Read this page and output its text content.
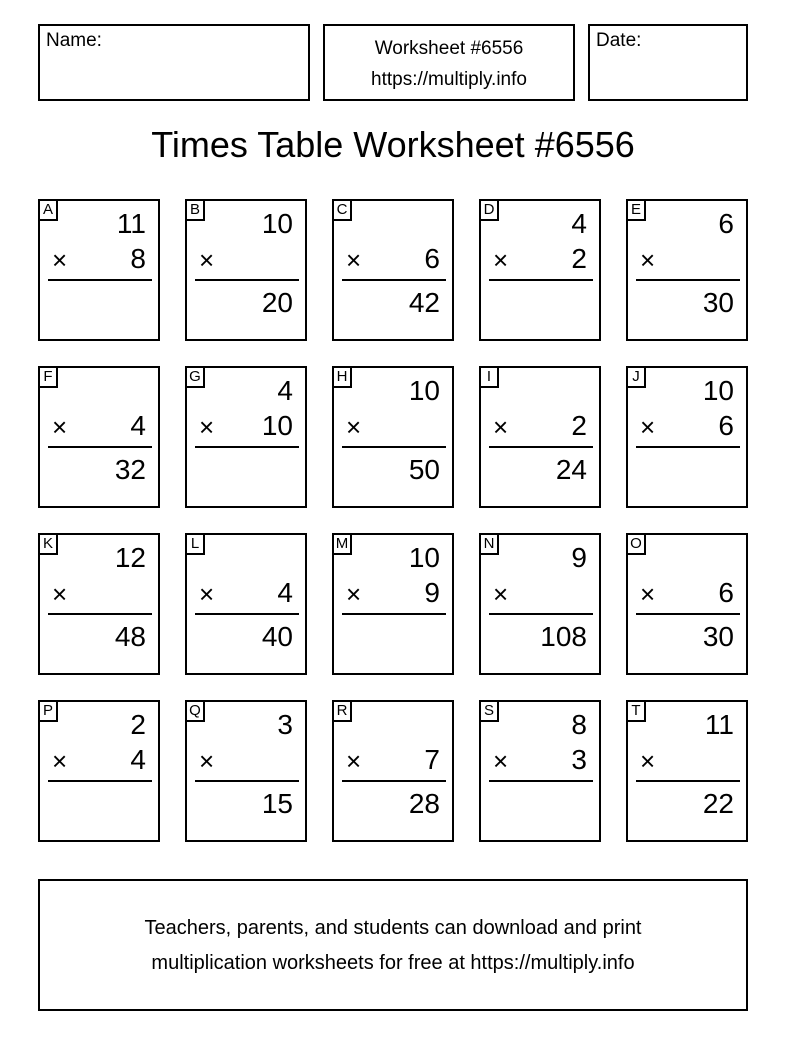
Name:	Worksheet #6556
https://multiply.info
Date:
Times Table Worksheet #6556
A 11
× 8
B 10
×
20
C
× 6
42
D	4
× 2
E	6
×
30
F
× 4
32
G	4
× 10
H 10
×
50
I
× 2
24
J 10
× 6
K 12
×
48
L
× 4
40
M 10
× 9
N	9
×
108
O
× 6
30
P	2
× 4
Q	3
×
15
R
× 7
28
S	8
× 3
T 11
×
22
Teachers, parents, and students can download and print
multiplication worksheets for free at https://multiply.info
